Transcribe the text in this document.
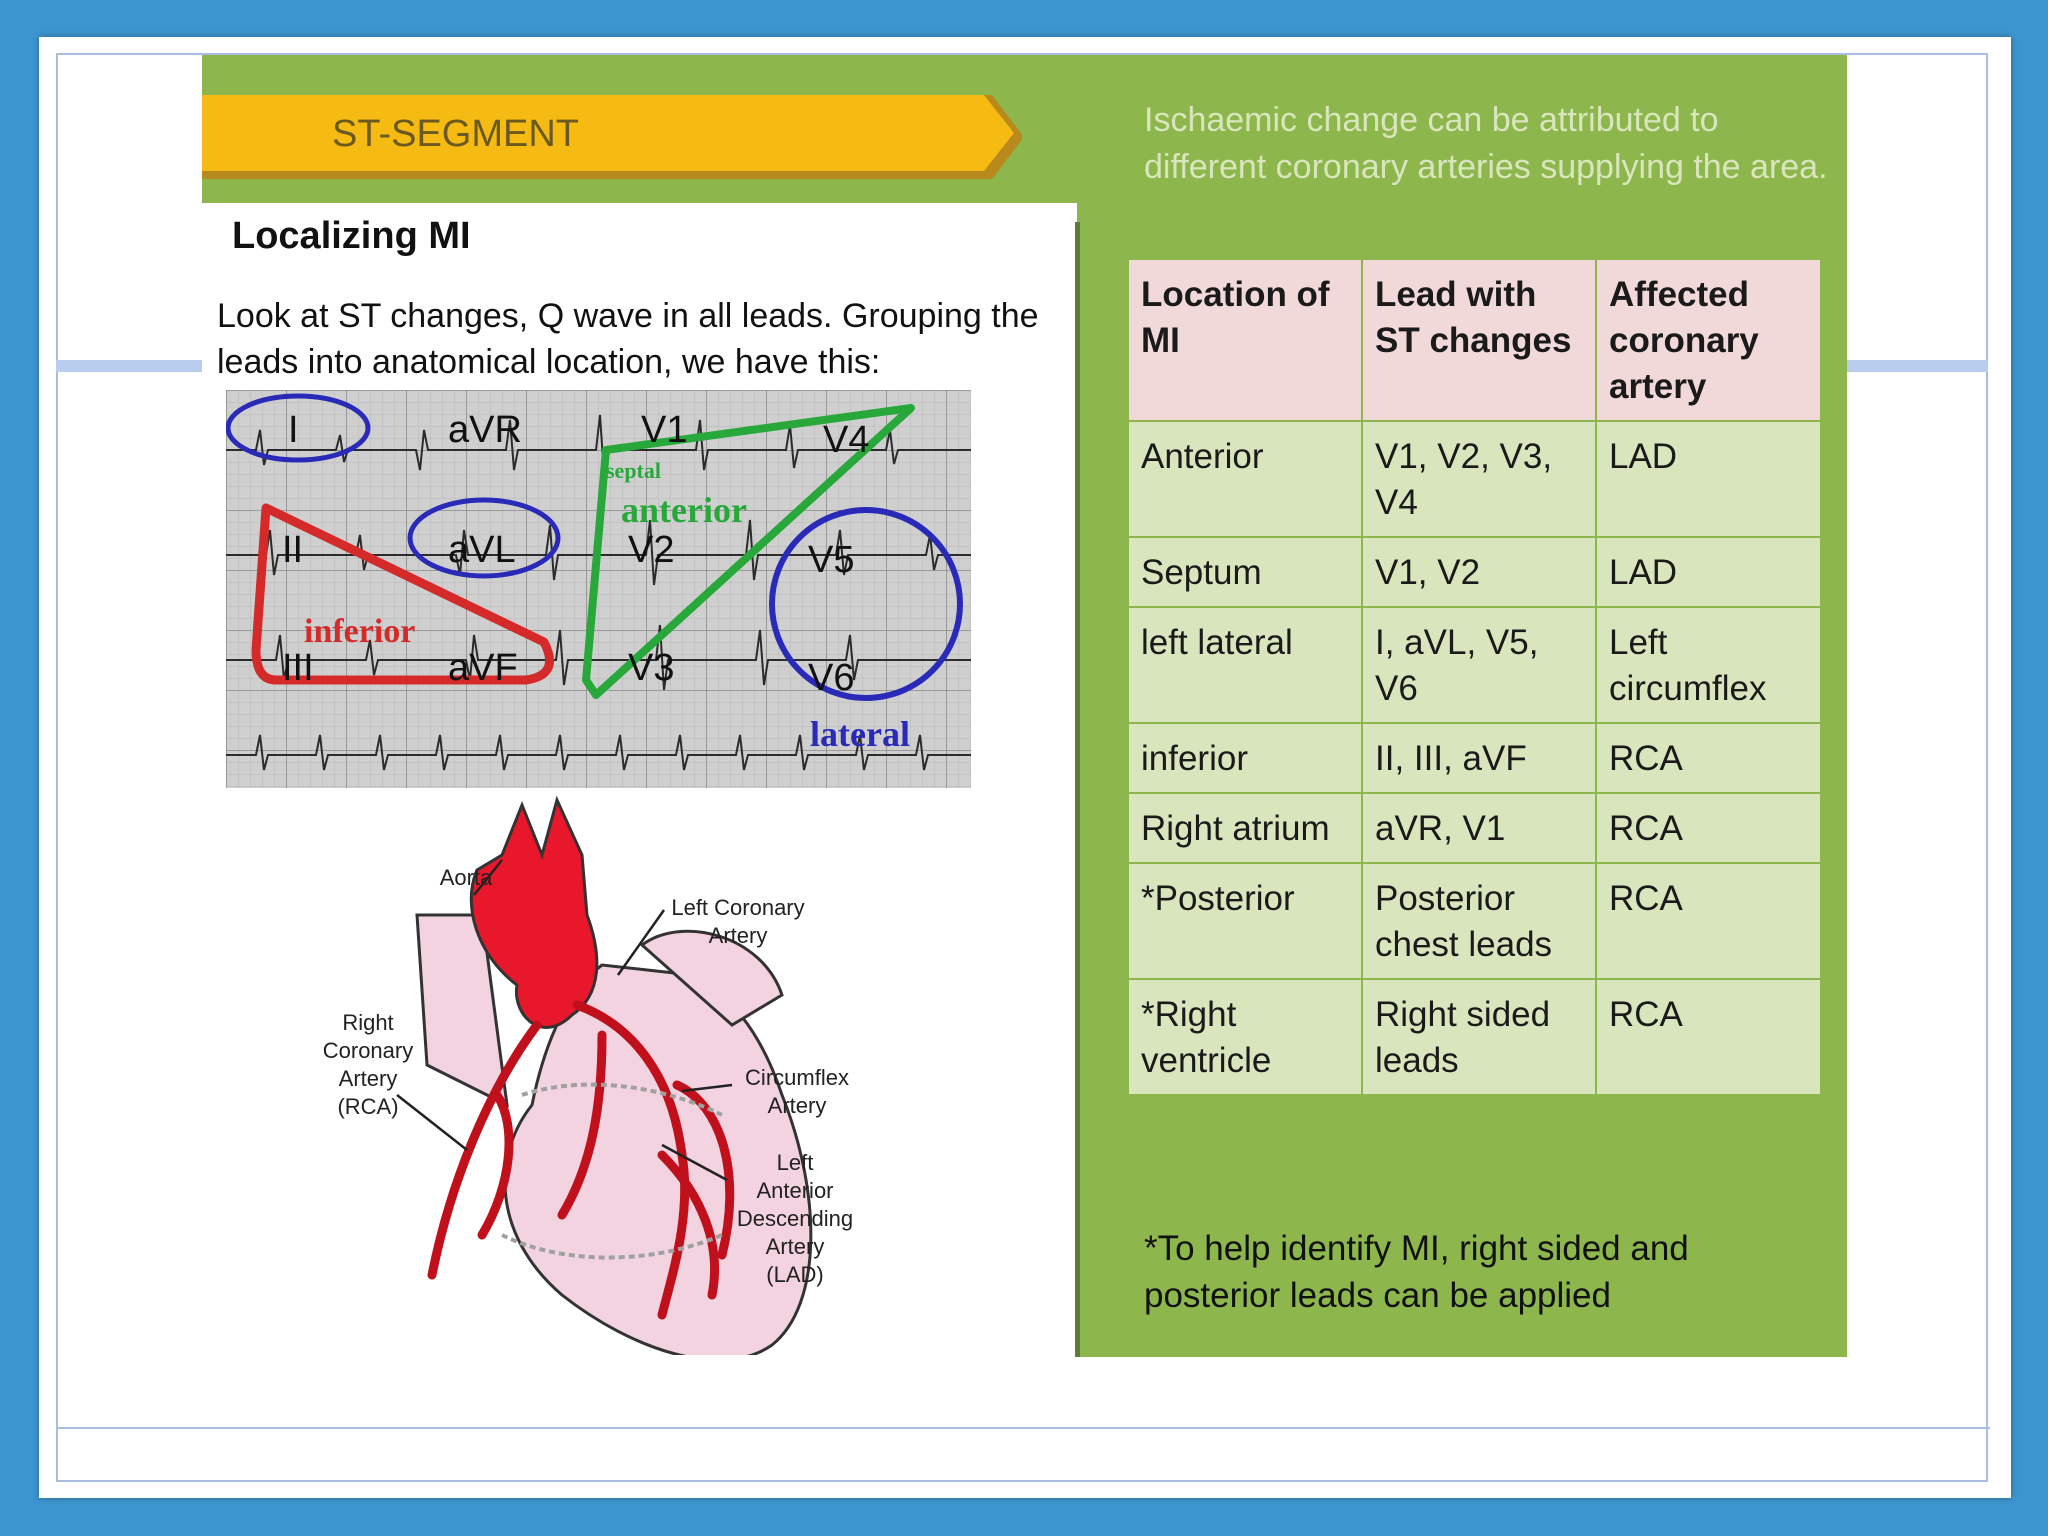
ST-SEGMENT	Ischaemic change can be attributed to different coronary arteries supplying the area.
Localizing MI
Look at ST changes, Q wave in all leads. Grouping the leads into anatomical location, we have this:
I	aVR	V1	V4
II	aVL	V2	V5
III	aVF	V3	V6
septal
anterior
inferior
lateral
Aorta
Left Coronary
Artery
Right
Coronary
Artery
(RCA)
Circumflex
Artery
Left
Anterior
Descending
Artery
(LAD)
Location of MI	Lead with ST changes	Affected coronary artery
Anterior	V1, V2, V3, V4	LAD
Septum	V1, V2	LAD
left lateral	I, aVL, V5, V6	Left circumflex
inferior	II, III, aVF	RCA
Right atrium	aVR, V1	RCA
*Posterior	Posterior chest leads	RCA
*Right ventricle	Right sided leads	RCA
*To help identify MI, right sided and posterior leads can be applied
